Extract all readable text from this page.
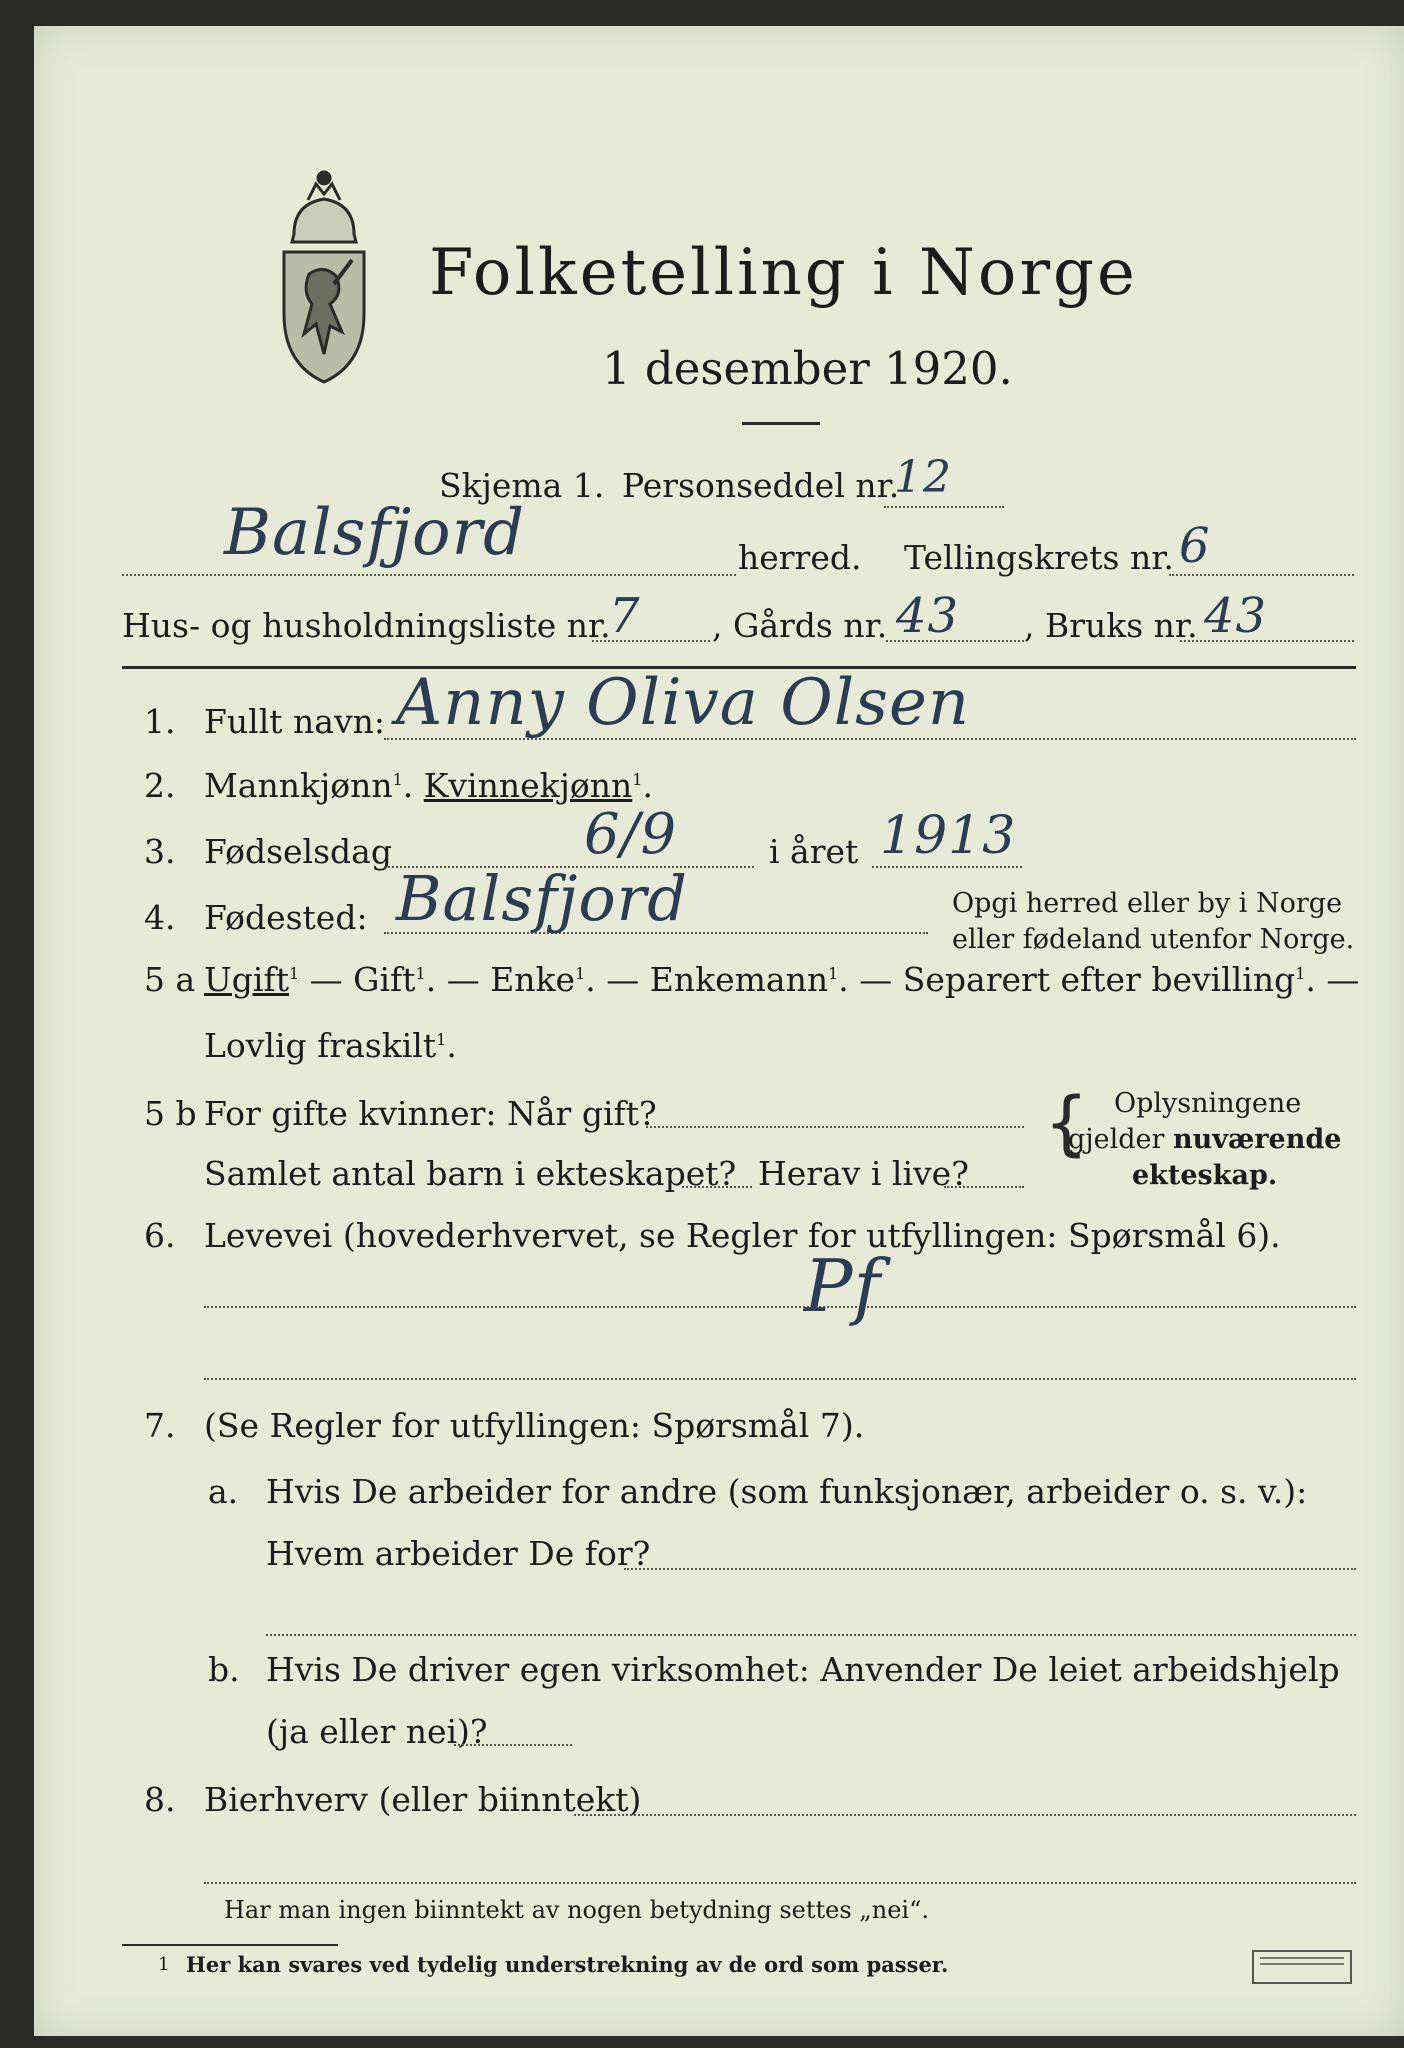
Folketelling i Norge
1 desember 1920.
Skjema 1. Personseddel nr.
12
Balsfjord	herred. Tellingskrets nr. 6
Hus- og husholdningsliste nr.
7 , Gårds nr. 43 , Bruks nr. 43
1. Fullt navn: Anny Oliva Olsen
2. Mannkjønn$^1$. Kvinnekjønn$^1$.
3. Fødselsdag	6/9	i året 1913
4. Fødested: Balsfjord	Opgi herred eller by i Norge
eller fødeland utenfor Norge.
5 a Ugift$^1$ — Gift$^1$. — Enke$^1$. — Enkemann$^1$. — Separert efter bevilling$^1$. —
Lovlig fraskilt$^1$.
5 b For gifte kvinner: Når gift?
Samlet antal barn i ekteskapet? Herav i live?
{ Oplysningene
gjelder nuværende
ekteskap.
6. Levevei (hovederhvervet, se Regler for utfyllingen: Spørsmål 6).
Pf
7. (Se Regler for utfyllingen: Spørsmål 7).
a. Hvis De arbeider for andre (som funksjonær, arbeider o. s. v.):
Hvem arbeider De for?
b. Hvis De driver egen virksomhet: Anvender De leiet arbeidshjelp
(ja eller nei)?
8. Bierhverv (eller biinntekt)
Har man ingen biinntekt av nogen betydning settes „nei“.
1 Her kan svares ved tydelig understrekning av de ord som passer.
